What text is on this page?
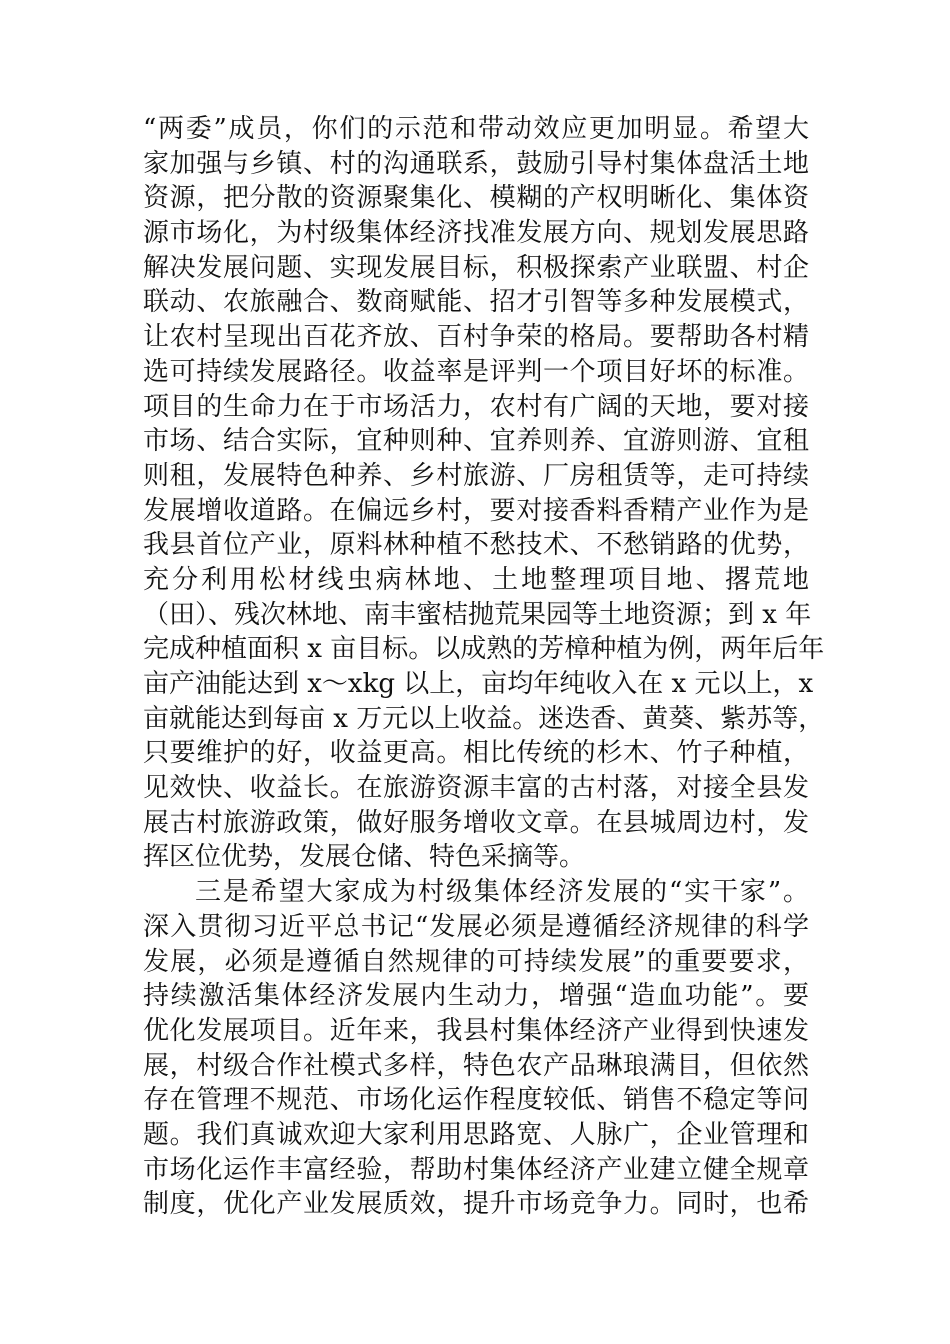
“两委”成员，你们的示范和带动效应更加明显。希望大
家加强与乡镇、村的沟通联系，鼓励引导村集体盘活土地
资源，把分散的资源聚集化、模糊的产权明晰化、集体资
源市场化，为村级集体经济找准发展方向、规划发展思路
解决发展问题、实现发展目标，积极探索产业联盟、村企
联动、农旅融合、数商赋能、招才引智等多种发展模式，
让农村呈现出百花齐放、百村争荣的格局。要帮助各村精
选可持续发展路径。收益率是评判一个项目好坏的标准。
项目的生命力在于市场活力，农村有广阔的天地，要对接
市场、结合实际，宜种则种、宜养则养、宜游则游、宜租
则租，发展特色种养、乡村旅游、厂房租赁等，走可持续
发展增收道路。在偏远乡村，要对接香料香精产业作为是
我县首位产业，原料林种植不愁技术、不愁销路的优势，
充分利用松材线虫病林地、土地整理项目地、撂荒地
（田）、残次林地、南丰蜜桔抛荒果园等土地资源；到 x 年
完成种植面积 x 亩目标。以成熟的芳樟种植为例，两年后年
亩产油能达到 x～xkg 以上，亩均年纯收入在 x 元以上，x
亩就能达到每亩 x 万元以上收益。迷迭香、黄葵、紫苏等，
只要维护的好，收益更高。相比传统的杉木、竹子种植，
见效快、收益长。在旅游资源丰富的古村落，对接全县发
展古村旅游政策，做好服务增收文章。在县城周边村，发
挥区位优势，发展仓储、特色采摘等。
三是希望大家成为村级集体经济发展的“实干家”。
深入贯彻习近平总书记“发展必须是遵循经济规律的科学
发展，必须是遵循自然规律的可持续发展”的重要要求，
持续激活集体经济发展内生动力，增强“造血功能”。要
优化发展项目。近年来，我县村集体经济产业得到快速发
展，村级合作社模式多样，特色农产品琳琅满目，但依然
存在管理不规范、市场化运作程度较低、销售不稳定等问
题。我们真诚欢迎大家利用思路宽、人脉广，企业管理和
市场化运作丰富经验，帮助村集体经济产业建立健全规章
制度，优化产业发展质效，提升市场竞争力。同时，也希
